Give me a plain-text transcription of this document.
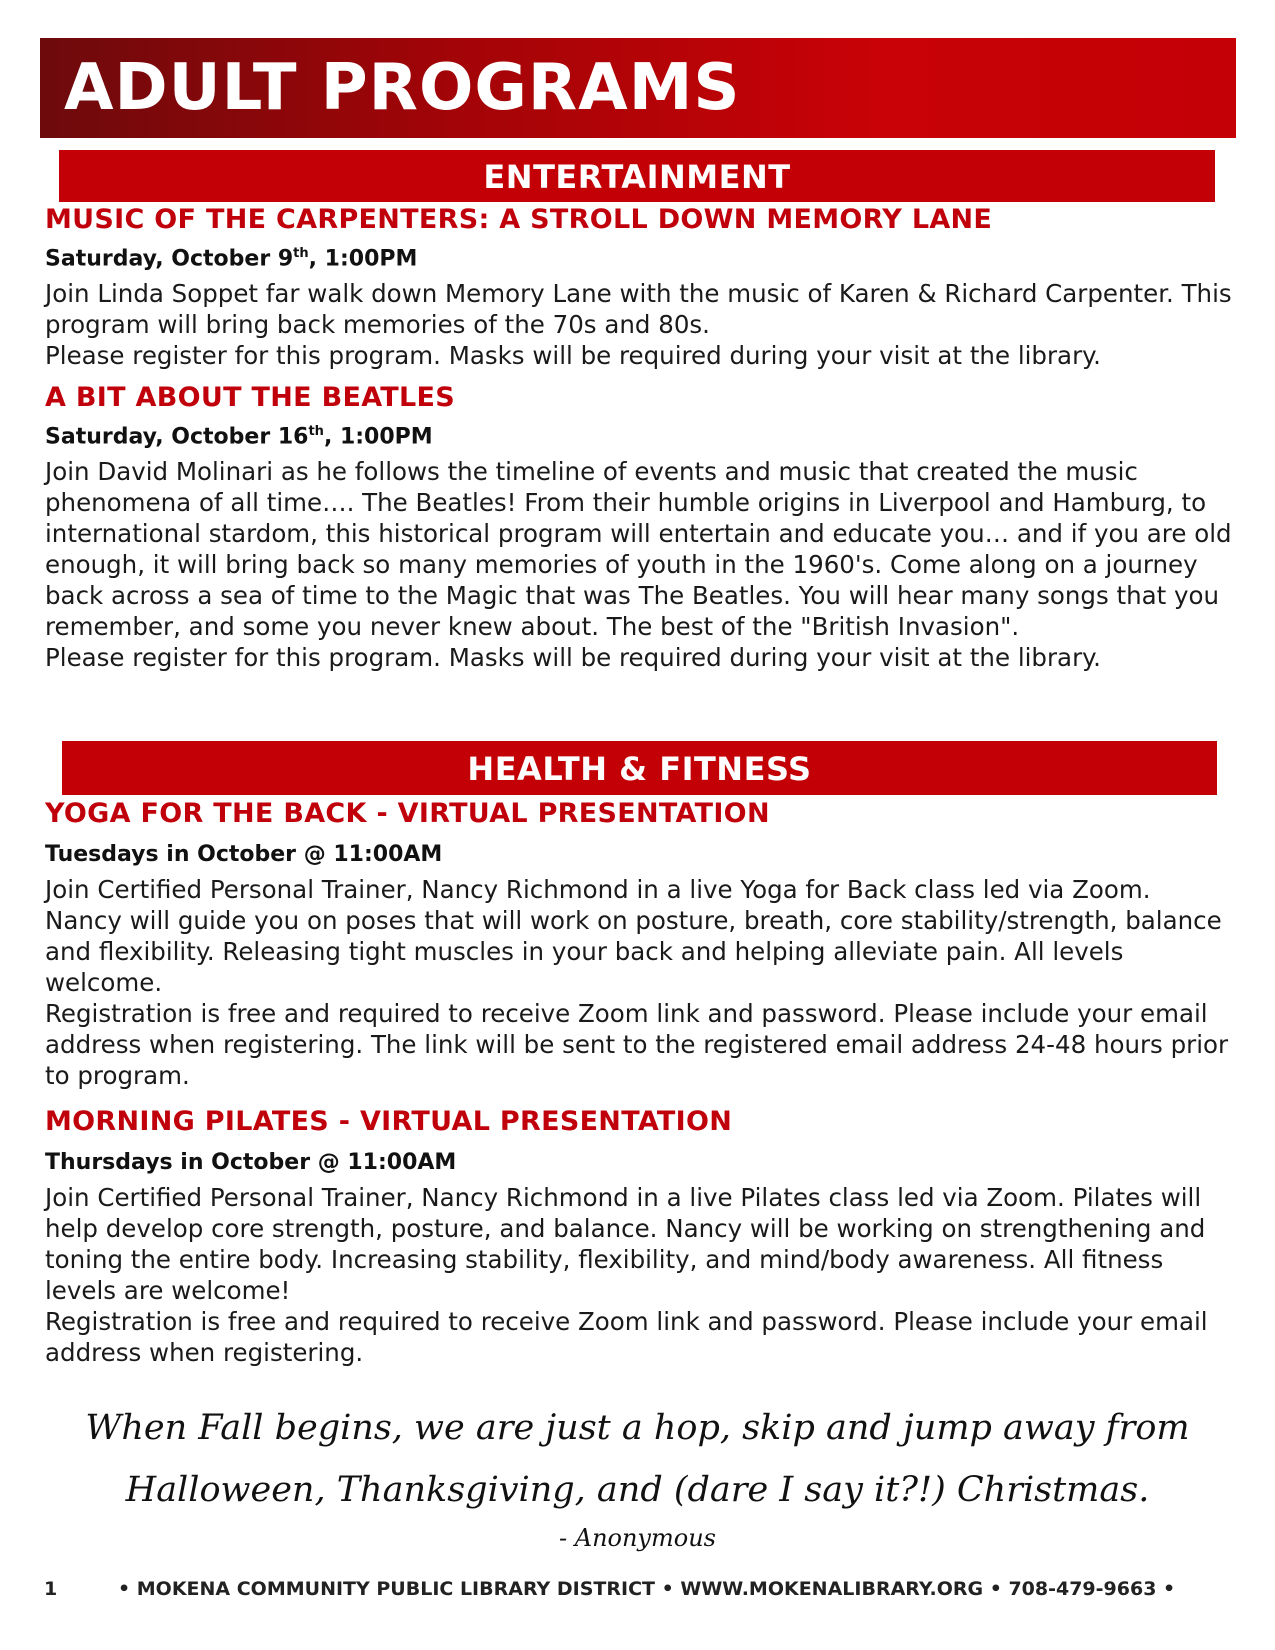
ADULT PROGRAMS
ENTERTAINMENT
MUSIC OF THE CARPENTERS: A STROLL DOWN MEMORY LANE
Saturday, October 9th, 1:00PM

Join Linda Soppet far walk down Memory Lane with the music of Karen & Richard Carpenter. This program will bring back memories of the 70s and 80s.

Please register for this program. Masks will be required during your visit at the library.

A BIT ABOUT THE BEATLES
Saturday, October 16th, 1:00PM

Join David Molinari as he follows the timeline of events and music that created the music phenomena of all time…. The Beatles! From their humble origins in Liverpool and Hamburg, to international stardom, this historical program will entertain and educate you… and if you are old enough, it will bring back so many memories of youth in the 1960's. Come along on a journey back across a sea of time to the Magic that was The Beatles. You will hear many songs that you remember, and some you never knew about. The best of the "British Invasion".

Please register for this program. Masks will be required during your visit at the library.

HEALTH & FITNESS
YOGA FOR THE BACK - VIRTUAL PRESENTATION
Tuesdays in October @ 11:00AM

Join Certified Personal Trainer, Nancy Richmond in a live Yoga for Back class led via Zoom. Nancy will guide you on poses that will work on posture, breath, core stability/strength, balance and flexibility. Releasing tight muscles in your back and helping alleviate pain. All levels welcome.

Registration is free and required to receive Zoom link and password. Please include your email address when registering. The link will be sent to the registered email address 24-48 hours prior to program.

MORNING PILATES - VIRTUAL PRESENTATION
Thursdays in October @ 11:00AM

Join Certified Personal Trainer, Nancy Richmond in a live Pilates class led via Zoom. Pilates will help develop core strength, posture, and balance. Nancy will be working on strengthening and toning the entire body. Increasing stability, flexibility, and mind/body awareness. All fitness levels are welcome!

Registration is free and required to receive Zoom link and password. Please include your email address when registering.

When Fall begins, we are just a hop, skip and jump away from

Halloween, Thanksgiving, and (dare I say it?!) Christmas.

- Anonymous
1	• MOKENA COMMUNITY PUBLIC LIBRARY DISTRICT • WWW.MOKENALIBRARY.ORG • 708-479-9663 •
